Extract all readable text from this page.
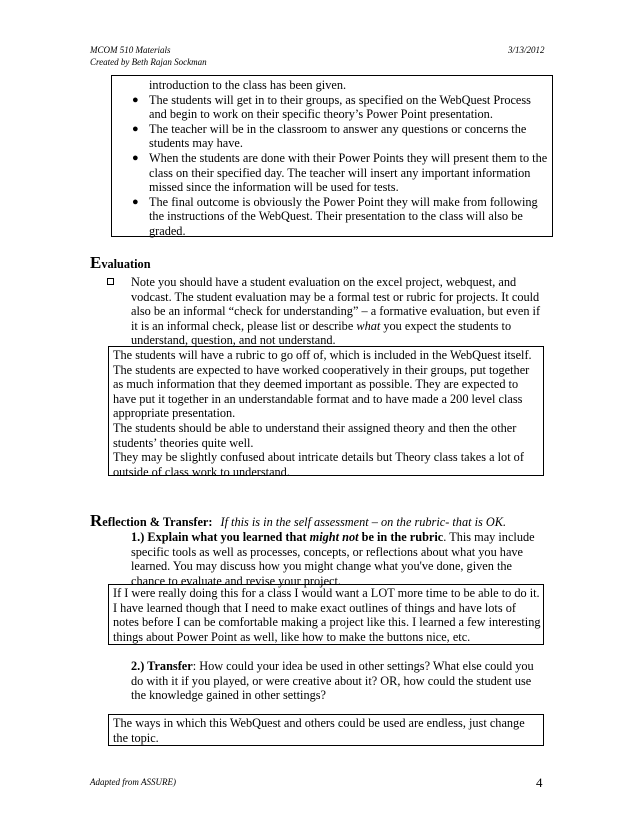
MCOM 510 Materials
Created by Beth Rajan Sockman
3/13/2012

introduction to the class has been given.

● The students will get in to their groups, as specified on the WebQuest Process and begin to work on their specific theory’s Power Point presentation.
● The teacher will be in the classroom to answer any questions or concerns the students may have.
● When the students are done with their Power Points they will present them to the class on their specified day. The teacher will insert any important information missed since the information will be used for tests.
● The final outcome is obviously the Power Point they will make from following the instructions of the WebQuest. Their presentation to the class will also be graded.
Evaluation
Note you should have a student evaluation on the excel project, webquest, and vodcast. The student evaluation may be a formal test or rubric for projects. It could also be an informal “check for understanding” – a formative evaluation, but even if it is an informal check, please list or describe what you expect the students to understand, question, and not understand.
The students will have a rubric to go off of, which is included in the WebQuest itself. The students are expected to have worked cooperatively in their groups, put together as much information that they deemed important as possible. They are expected to have put it together in an understandable format and to have made a 200 level class appropriate presentation.
The students should be able to understand their assigned theory and then the other students’ theories quite well.
They may be slightly confused about intricate details but Theory class takes a lot of outside of class work to understand.
Reflection & Transfer: If this is in the self assessment – on the rubric- that is OK.
1.) Explain what you learned that might not be in the rubric. This may include specific tools as well as processes, concepts, or reflections about what you have learned. You may discuss how you might change what you've done, given the chance to evaluate and revise your project.
If I were really doing this for a class I would want a LOT more time to be able to do it. I have learned though that I need to make exact outlines of things and have lots of notes before I can be comfortable making a project like this. I learned a few interesting things about Power Point as well, like how to make the buttons nice, etc.
2.) Transfer: How could your idea be used in other settings? What else could you do with it if you played, or were creative about it? OR, how could the student use the knowledge gained in other settings?
The ways in which this WebQuest and others could be used are endless, just change the topic.
Adapted from ASSURE)	4
